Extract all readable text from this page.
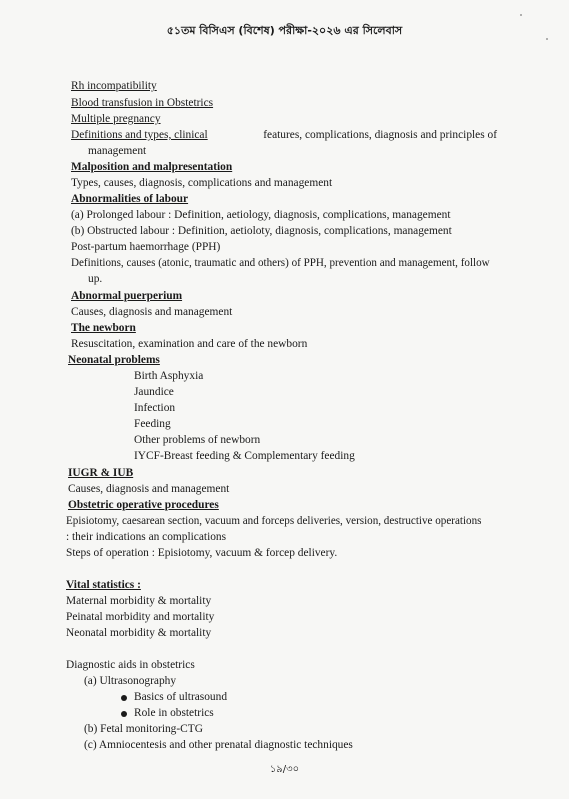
৫১তম বিসিএস (বিশেষ) পরীক্ষা-২০২৬ এর সিলেবাস
Rh incompatibility
Blood transfusion in Obstetrics
Multiple pregnancy
Definitions and types, clinical	features, complications, diagnosis and principles of
management
Malposition and malpresentation
Types, causes, diagnosis, complications and management
Abnormalities of labour
(a) Prolonged labour : Definition, aetiology, diagnosis, complications, management
(b) Obstructed labour : Definition, aetioloty, diagnosis, complications, management
Post-partum haemorrhage (PPH)
Definitions, causes (atonic, traumatic and others) of PPH, prevention and management, follow
up.
Abnormal puerperium
Causes, diagnosis and management
The newborn
Resuscitation, examination and care of the newborn
Neonatal problems
Birth Asphyxia
Jaundice
Infection
Feeding
Other problems of newborn
IYCF-Breast feeding & Complementary feeding
IUGR & IUB
Causes, diagnosis and management
Obstetric operative procedures
Episiotomy, caesarean section, vacuum and forceps deliveries, version, destructive operations
: their indications an complications
Steps of operation : Episiotomy, vacuum & forcep delivery.
Vital statistics :
Maternal morbidity & mortality
Peinatal morbidity and mortality
Neonatal morbidity & mortality
Diagnostic aids in obstetrics
(a) Ultrasonography
Basics of ultrasound
Role in obstetrics
(b) Fetal monitoring-CTG
(c) Amniocentesis and other prenatal diagnostic techniques
১৯/৩০
